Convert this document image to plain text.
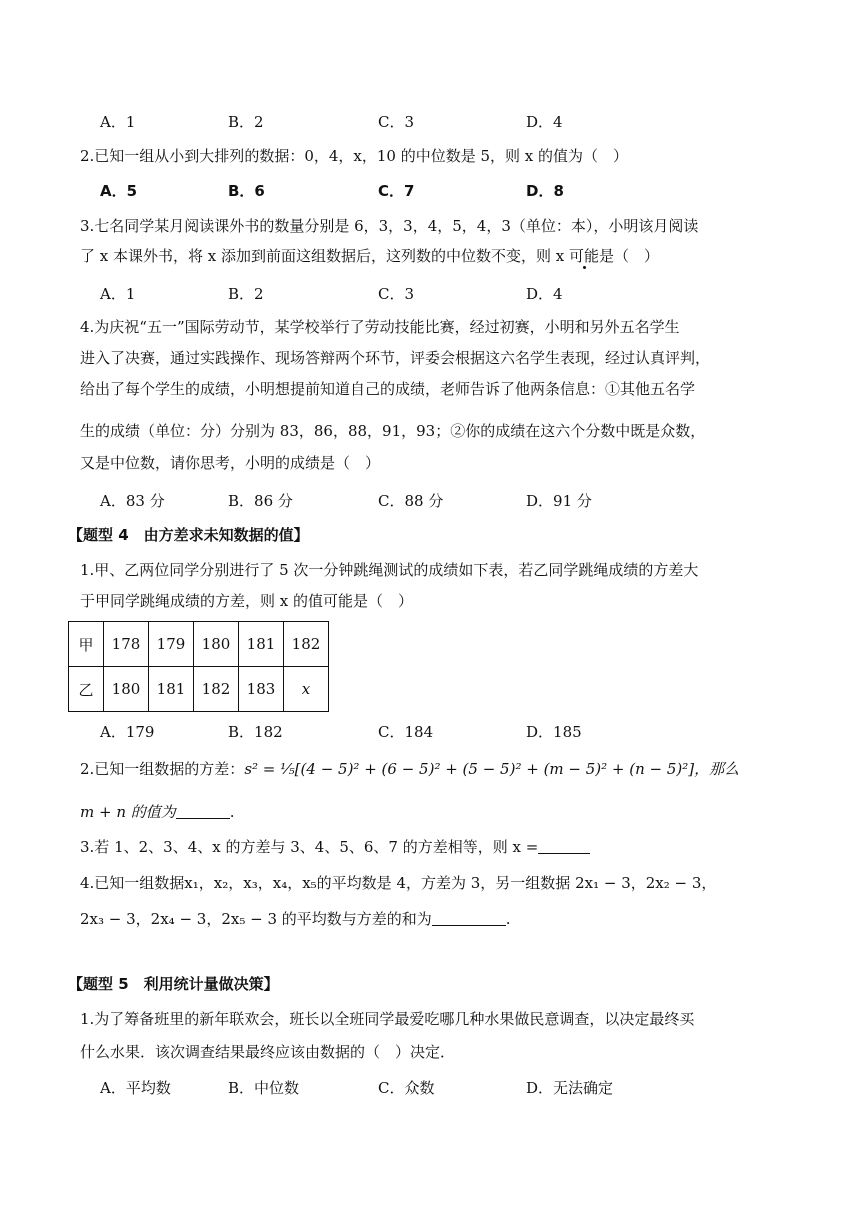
A．1	B．2	C．3	D．4
2.已知一组从小到大排列的数据：0，4，x，10 的中位数是 5，则 x 的值为（　）
A．5	B．6	C．7	D．8
3.七名同学某月阅读课外书的数量分别是 6，3，3，4，5，4，3（单位：本），小明该月阅读
了 x 本课外书，将 x 添加到前面这组数据后，这列数的中位数不变，则 x 可能是（　）
A．1	B．2	C．3	D．4
4.为庆祝“五一”国际劳动节，某学校举行了劳动技能比赛，经过初赛，小明和另外五名学生
进入了决赛，通过实践操作、现场答辩两个环节，评委会根据这六名学生表现，经过认真评判，
给出了每个学生的成绩，小明想提前知道自己的成绩，老师告诉了他两条信息：①其他五名学
生的成绩（单位：分）分别为 83，86，88，91，93；②你的成绩在这六个分数中既是众数，
又是中位数，请你思考，小明的成绩是（　）
A．83 分	B．86 分	C．88 分	D．91 分
【题型 4　由方差求未知数据的值】
1.甲、乙两位同学分别进行了 5 次一分钟跳绳测试的成绩如下表，若乙同学跳绳成绩的方差大
于甲同学跳绳成绩的方差，则 x 的值可能是（　）
甲	178	179	180	181	182
乙	180	181	182	183	x
A．179	B．182	C．184	D．185
2.已知一组数据的方差：s² = ⅕[(4 − 5)² + (6 − 5)² + (5 − 5)² + (m − 5)² + (n − 5)²]，那么
m + n 的值为	.
3.若 1、2、3、4、x 的方差与 3、4、5、6、7 的方差相等，则 x =
4.已知一组数据x₁，x₂，x₃，x₄，x₅的平均数是 4，方差为 3，另一组数据 2x₁ − 3，2x₂ − 3，
2x₃ − 3，2x₄ − 3，2x₅ − 3 的平均数与方差的和为	.
【题型 5　利用统计量做决策】
1.为了筹备班里的新年联欢会，班长以全班同学最爱吃哪几种水果做民意调查，以决定最终买
什么水果．该次调查结果最终应该由数据的（　）决定．
A．平均数	B．中位数	C．众数	D．无法确定
